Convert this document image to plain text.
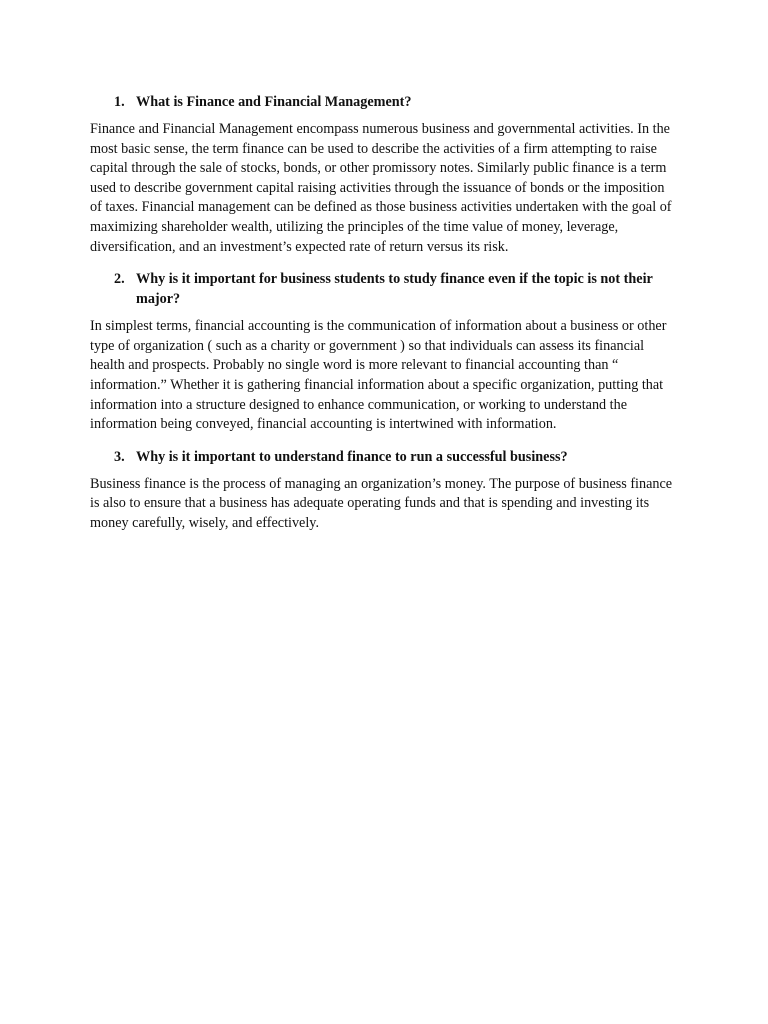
1. What is Finance and Financial Management?

Finance and Financial Management encompass numerous business and governmental activities. In the most basic sense, the term finance can be used to describe the activities of a firm attempting to raise capital through the sale of stocks, bonds, or other promissory notes. Similarly public finance is a term used to describe government capital raising activities through the issuance of bonds or the imposition of taxes. Financial management can be defined as those business activities undertaken with the goal of maximizing shareholder wealth, utilizing the principles of the time value of money, leverage, diversification, and an investment’s expected rate of return versus its risk.

2. Why is it important for business students to study finance even if the topic is not their major?

In simplest terms, financial accounting is the communication of information about a business or other type of organization ( such as a charity or government ) so that individuals can assess its financial health and prospects. Probably no single word is more relevant to financial accounting than “ information.” Whether it is gathering financial information about a specific organization, putting that information into a structure designed to enhance communication, or working to understand the information being conveyed, financial accounting is intertwined with information.

3. Why is it important to understand finance to run a successful business?

Business finance is the process of managing an organization’s money. The purpose of business finance is also to ensure that a business has adequate operating funds and that is spending and investing its money carefully, wisely, and effectively.
